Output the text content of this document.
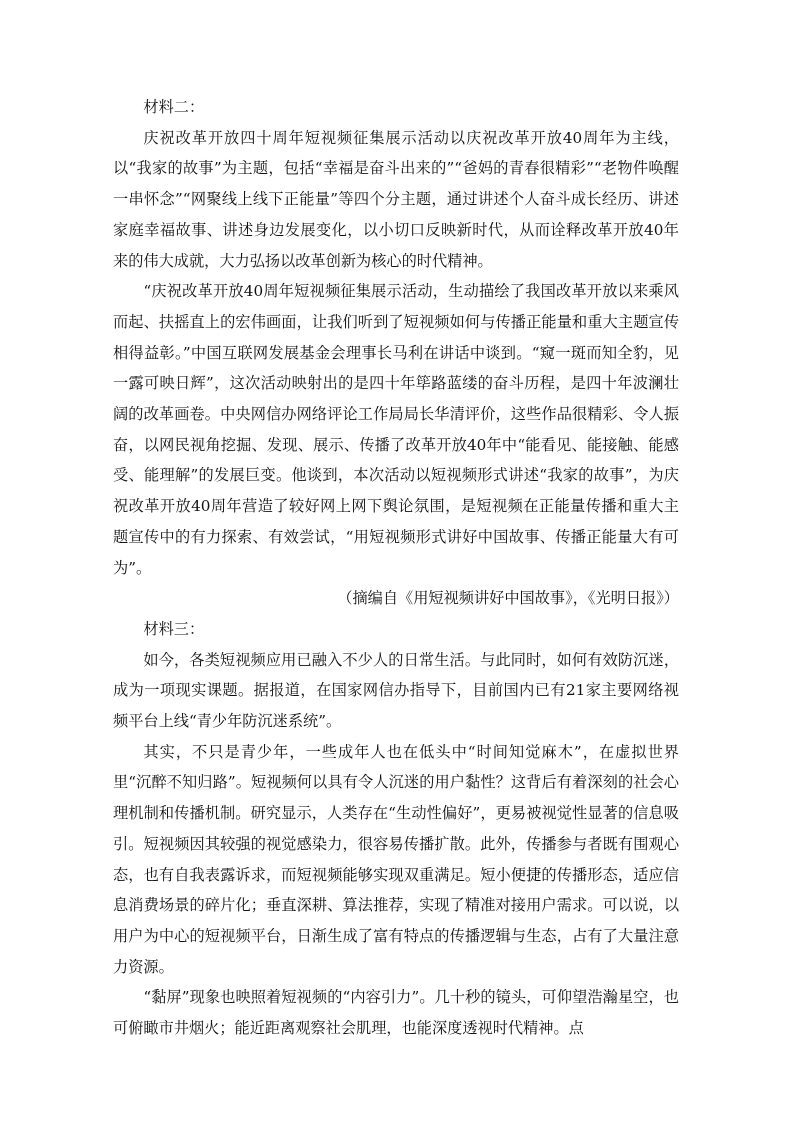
材料二：

庆祝改革开放四十周年短视频征集展示活动以庆祝改革开放40周年为主线，以“我家的故事”为主题，包括“幸福是奋斗出来的”“爸妈的青春很精彩”“老物件唤醒一串怀念”“网聚线上线下正能量”等四个分主题，通过讲述个人奋斗成长经历、讲述家庭幸福故事、讲述身边发展变化，以小切口反映新时代，从而诠释改革开放40年来的伟大成就，大力弘扬以改革创新为核心的时代精神。

“庆祝改革开放40周年短视频征集展示活动，生动描绘了我国改革开放以来乘风而起、扶摇直上的宏伟画面，让我们听到了短视频如何与传播正能量和重大主题宣传相得益彰。”中国互联网发展基金会理事长马利在讲话中谈到。“窥一斑而知全豹，见一露可映日辉”，这次活动映射出的是四十年筚路蓝缕的奋斗历程，是四十年波澜壮阔的改革画卷。中央网信办网络评论工作局局长华清评价，这些作品很精彩、令人振奋，以网民视角挖掘、发现、展示、传播了改革开放40年中“能看见、能接触、能感受、能理解”的发展巨变。他谈到，本次活动以短视频形式讲述“我家的故事”，为庆祝改革开放40周年营造了较好网上网下舆论氛围，是短视频在正能量传播和重大主题宣传中的有力探索、有效尝试，“用短视频形式讲好中国故事、传播正能量大有可为”。

（摘编自《用短视频讲好中国故事》，《光明日报》）

材料三：

如今，各类短视频应用已融入不少人的日常生活。与此同时，如何有效防沉迷，成为一项现实课题。据报道，在国家网信办指导下，目前国内已有21家主要网络视频平台上线“青少年防沉迷系统”。

其实，不只是青少年，一些成年人也在低头中“时间知觉麻木”，在虚拟世界里“沉醉不知归路”。短视频何以具有令人沉迷的用户黏性？这背后有着深刻的社会心理机制和传播机制。研究显示，人类存在“生动性偏好”，更易被视觉性显著的信息吸引。短视频因其较强的视觉感染力，很容易传播扩散。此外，传播参与者既有围观心态，也有自我表露诉求，而短视频能够实现双重满足。短小便捷的传播形态，适应信息消费场景的碎片化；垂直深耕、算法推荐，实现了精准对接用户需求。可以说，以用户为中心的短视频平台，日渐生成了富有特点的传播逻辑与生态，占有了大量注意力资源。

“黏屏”现象也映照着短视频的“内容引力”。几十秒的镜头，可仰望浩瀚星空，也可俯瞰市井烟火；能近距离观察社会肌理，也能深度透视时代精神。点
